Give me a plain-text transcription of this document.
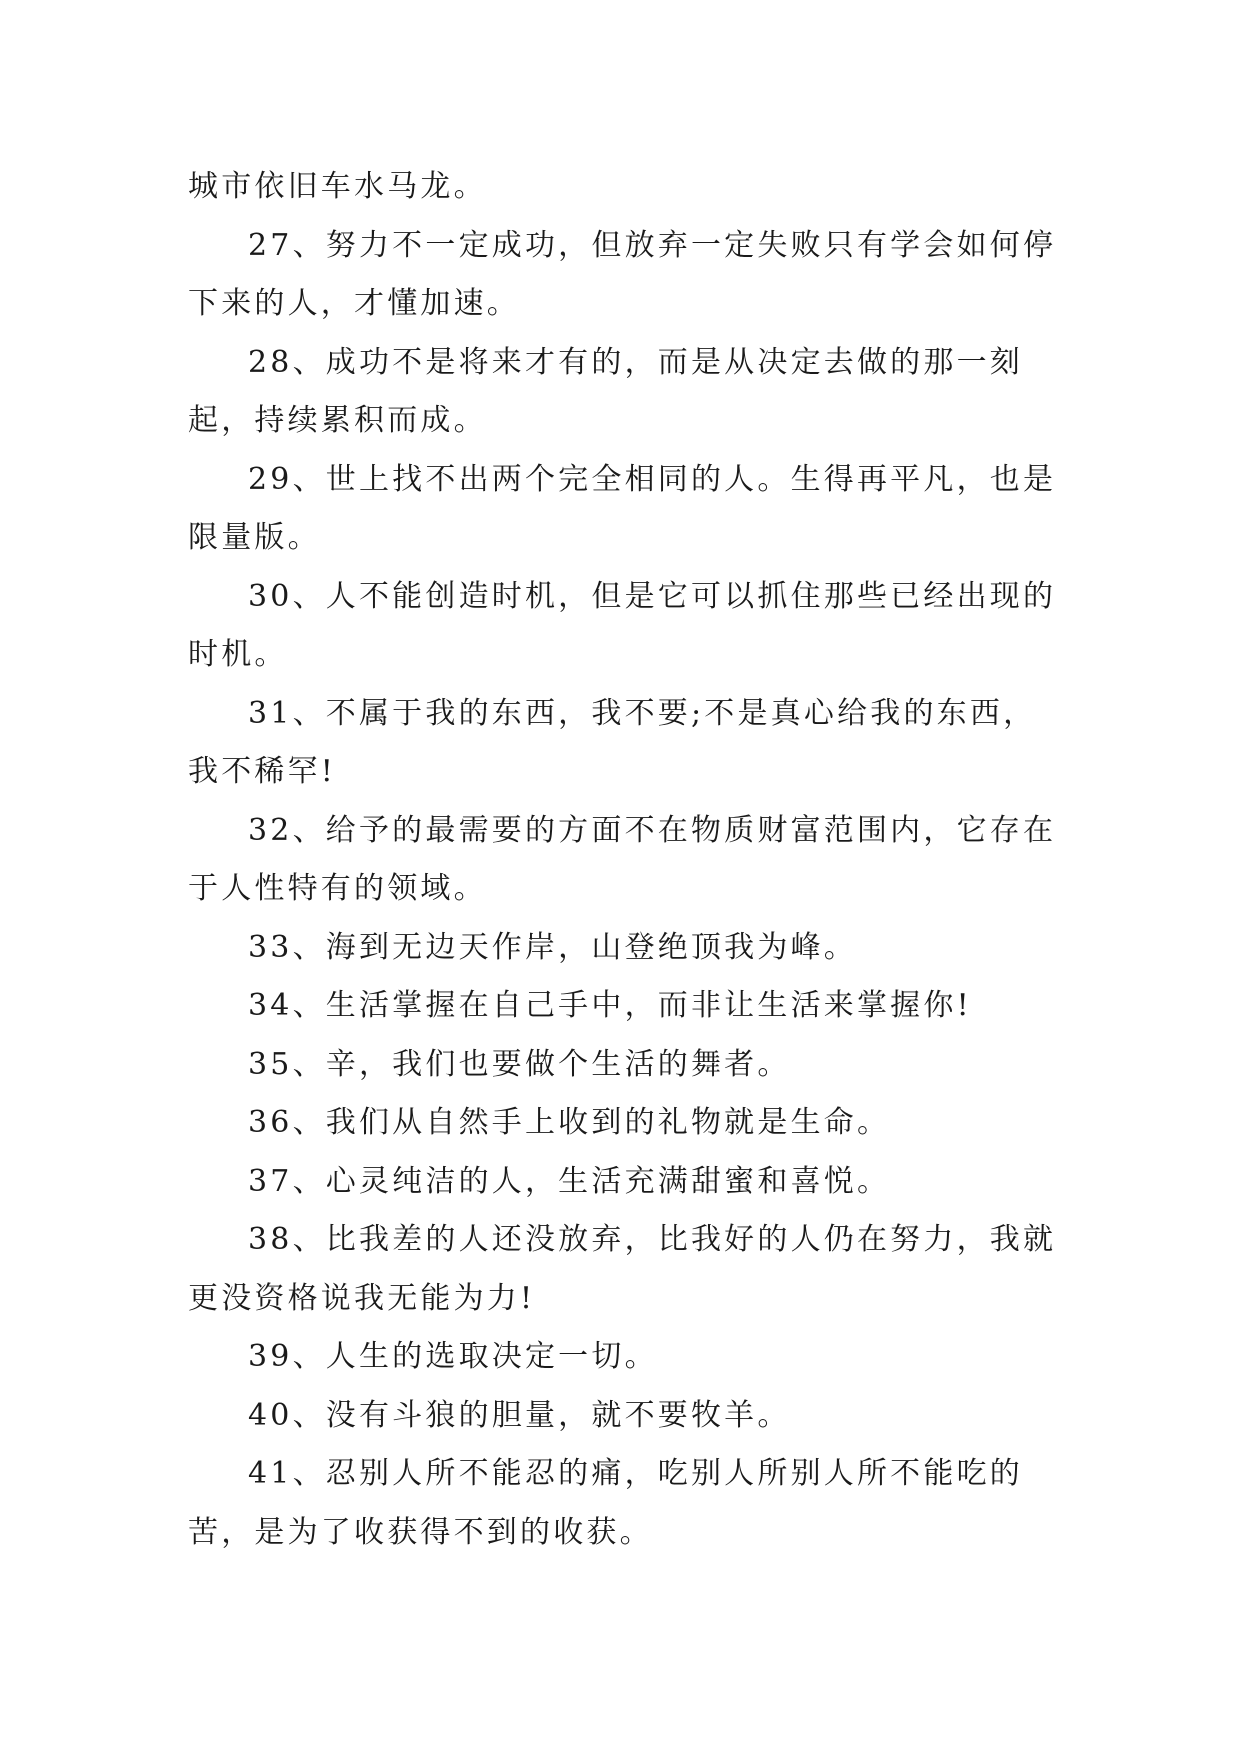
城市依旧车水马龙。

27、努力不一定成功，但放弃一定失败只有学会如何停下来的人，才懂加速。

28、成功不是将来才有的，而是从决定去做的那一刻起，持续累积而成。

29、世上找不出两个完全相同的人。生得再平凡，也是限量版。

30、人不能创造时机，但是它可以抓住那些已经出现的时机。

31、不属于我的东西，我不要;不是真心给我的东西，我不稀罕!

32、给予的最需要的方面不在物质财富范围内，它存在于人性特有的领域。

33、海到无边天作岸，山登绝顶我为峰。

34、生活掌握在自己手中，而非让生活来掌握你!

35、辛，我们也要做个生活的舞者。

36、我们从自然手上收到的礼物就是生命。

37、心灵纯洁的人，生活充满甜蜜和喜悦。

38、比我差的人还没放弃，比我好的人仍在努力，我就更没资格说我无能为力!

39、人生的选取决定一切。

40、没有斗狼的胆量，就不要牧羊。

41、忍别人所不能忍的痛，吃别人所别人所不能吃的苦，是为了收获得不到的收获。
